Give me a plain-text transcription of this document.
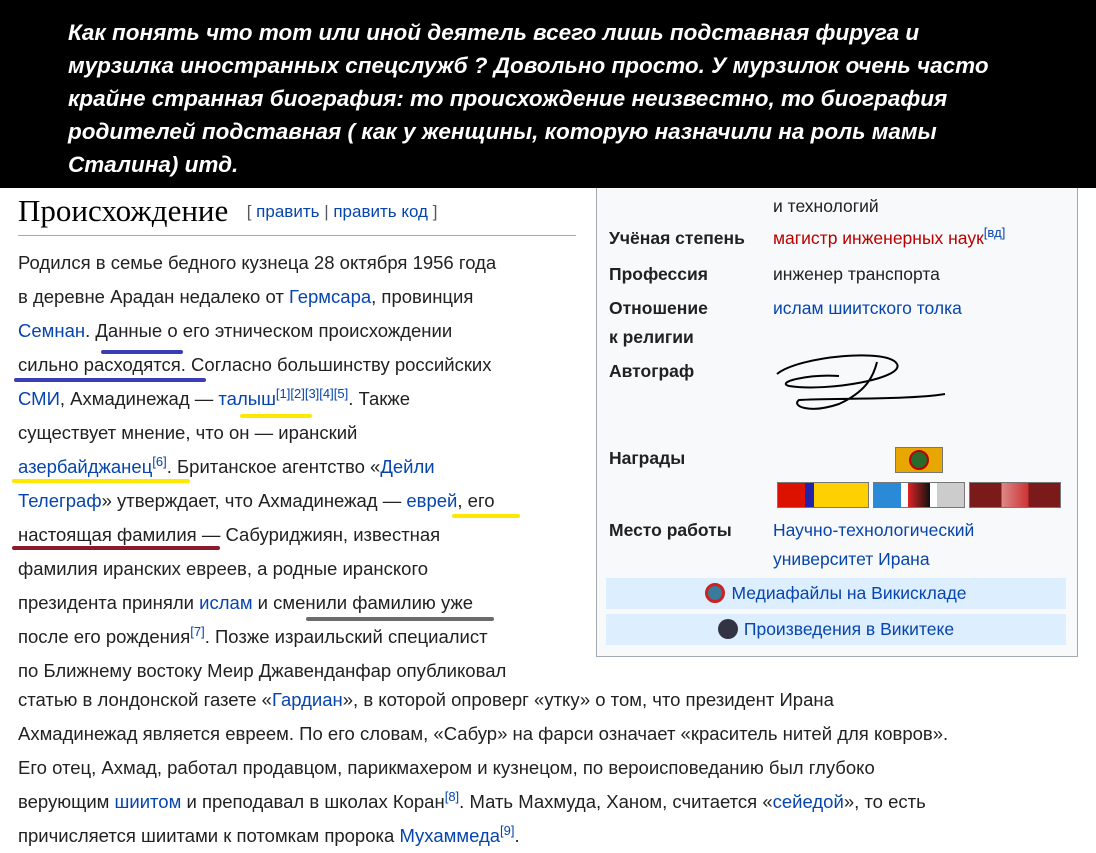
Как понять что тот или иной деятель всего лишь подставная фируга и
мурзилка иностранных спецслужб ? Довольно просто. У мурзилок очень часто
крайне странная биография: то происхождение неизвестно, то биография
родителей подставная ( как у женщины, которую назначили на роль мамы
Сталина) итд.
Происхождение [ править | править код ]
Родился в семье бедного кузнеца 28 октября 1956 года
в деревне Арадан недалеко от Гермсара, провинция
Семнан. Данные о его этническом происхождении
сильно расходятся. Согласно большинству российских
СМИ, Ахмадинежад — талыш[1][2][3][4][5]. Также
существует мнение, что он — иранский
азербайджанец[6]. Британское агентство «Дейли
Телеграф» утверждает, что Ахмадинежад — еврей, его
настоящая фамилия — Сабуриджиян, известная
фамилия иранских евреев, а родные иранского
президента приняли ислам и сменили фамилию уже
после его рождения[7]. Позже израильский специалист
по Ближнему востоку Меир Джавенданфар опубликовал
статью в лондонской газете «Гардиан», в которой опроверг «утку» о том, что президент Ирана
Ахмадинежад является евреем. По его словам, «Сабур» на фарси означает «краситель нитей для ковров».
Его отец, Ахмад, работал продавцом, парикмахером и кузнецом, по вероисповеданию был глубоко
верующим шиитом и преподавал в школах Коран[8]. Мать Махмуда, Ханом, считается «сейедой», то есть
причисляется шиитами к потомкам пророка Мухаммеда[9].
и технологий
Учёная степень магистр инженерных наук[вд]
Профессия	инженер транспорта
Отношение
к религии
ислам шиитского толка
Автограф
Награды
Место работы Научно-технологический
университет Ирана
Медиафайлы на Викискладе
Произведения в Викитеке
